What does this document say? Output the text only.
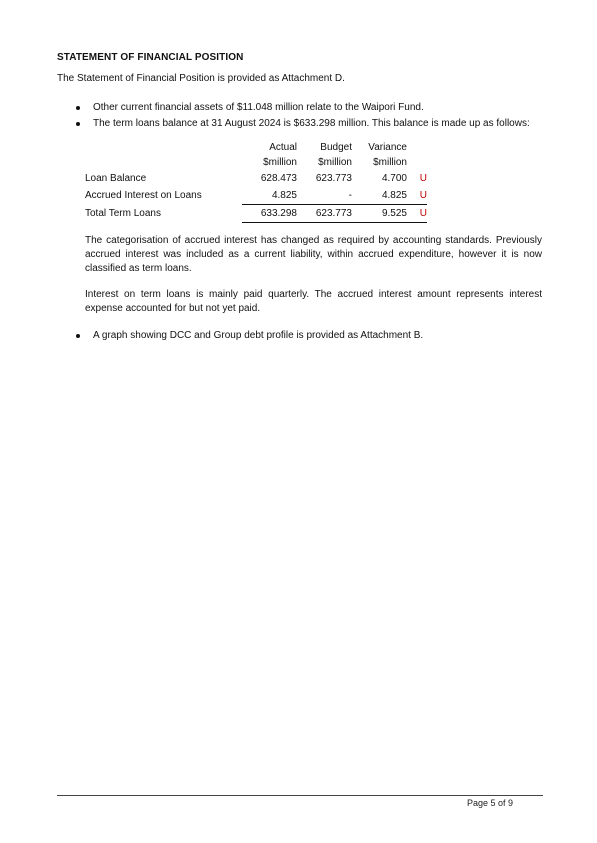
STATEMENT OF FINANCIAL POSITION
The Statement of Financial Position is provided as Attachment D.
Other current financial assets of $11.048 million relate to the Waipori Fund.
The term loans balance at 31 August 2024 is $633.298 million. This balance is made up as follows:
	Actual	Budget	Variance	
	$million	$million	$million	
Loan Balance	628.473	623.773	4.700	U
Accrued Interest on Loans	4.825	-	4.825	U
Total Term Loans	633.298	623.773	9.525	U

The categorisation of accrued interest has changed as required by accounting standards. Previously accrued interest was included as a current liability, within accrued expenditure, however it is now classified as term loans.

Interest on term loans is mainly paid quarterly. The accrued interest amount represents interest expense accounted for but not yet paid.

A graph showing DCC and Group debt profile is provided as Attachment B.
Page 5 of 9
